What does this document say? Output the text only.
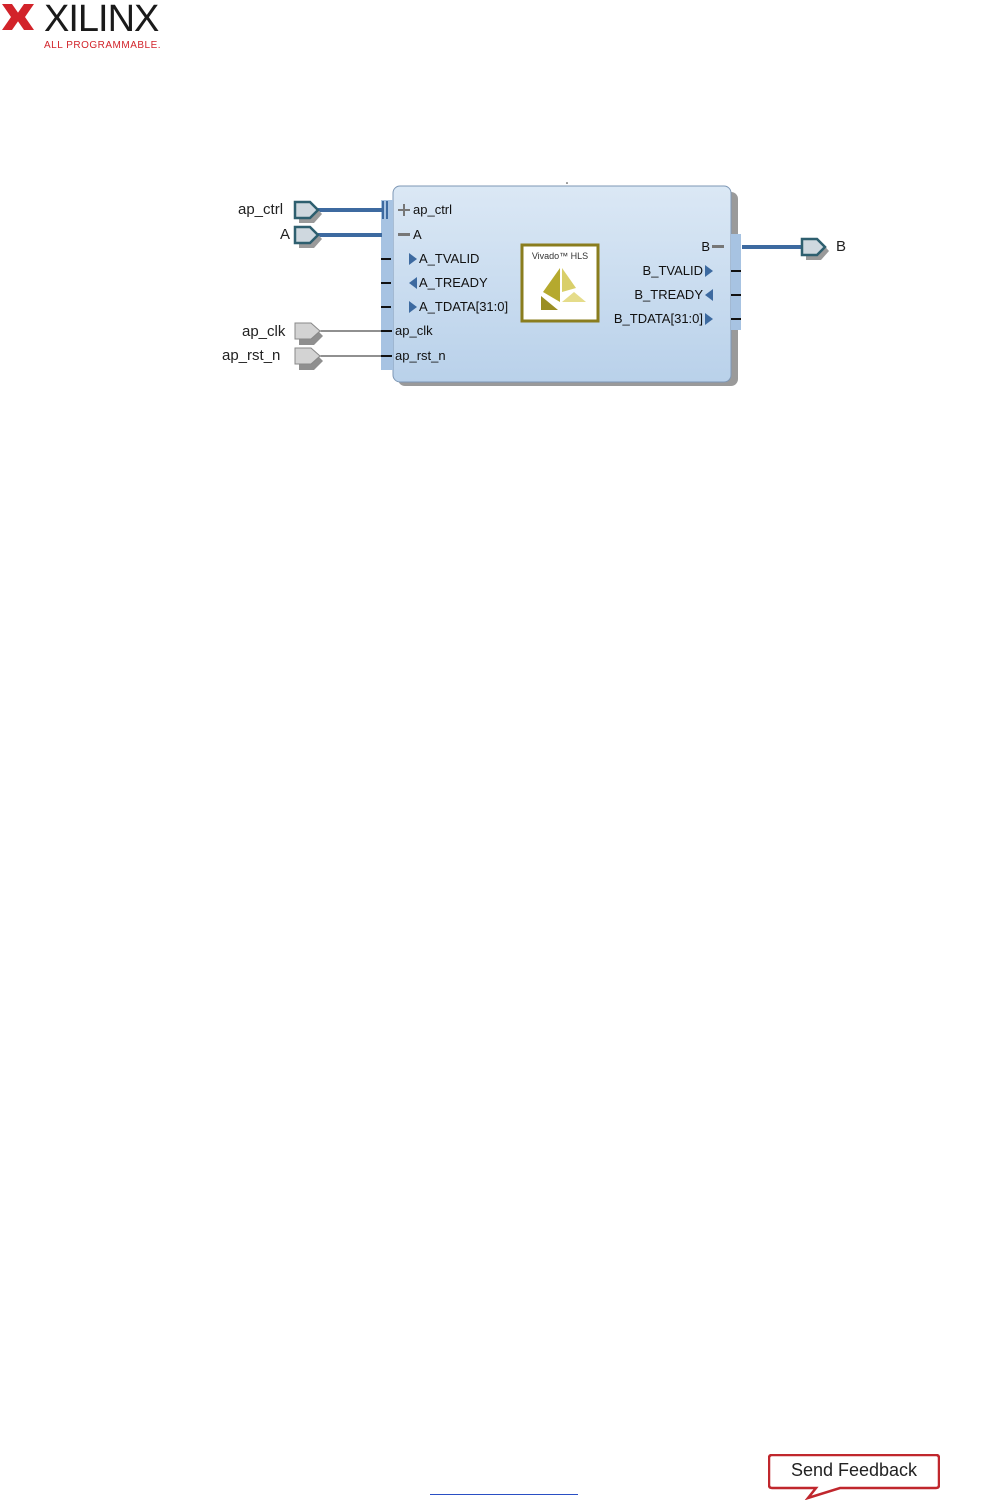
XILINX
ALL PROGRAMMABLE.
ap_ctrl
A
ap_clk
ap_rst_n
B
ap_ctrl
A
A_TVALID
A_TREADY
A_TDATA[31:0]
ap_clk
ap_rst_n
B
B_TVALID
B_TREADY
B_TDATA[31:0]
Vivado™ HLS
Send Feedback
